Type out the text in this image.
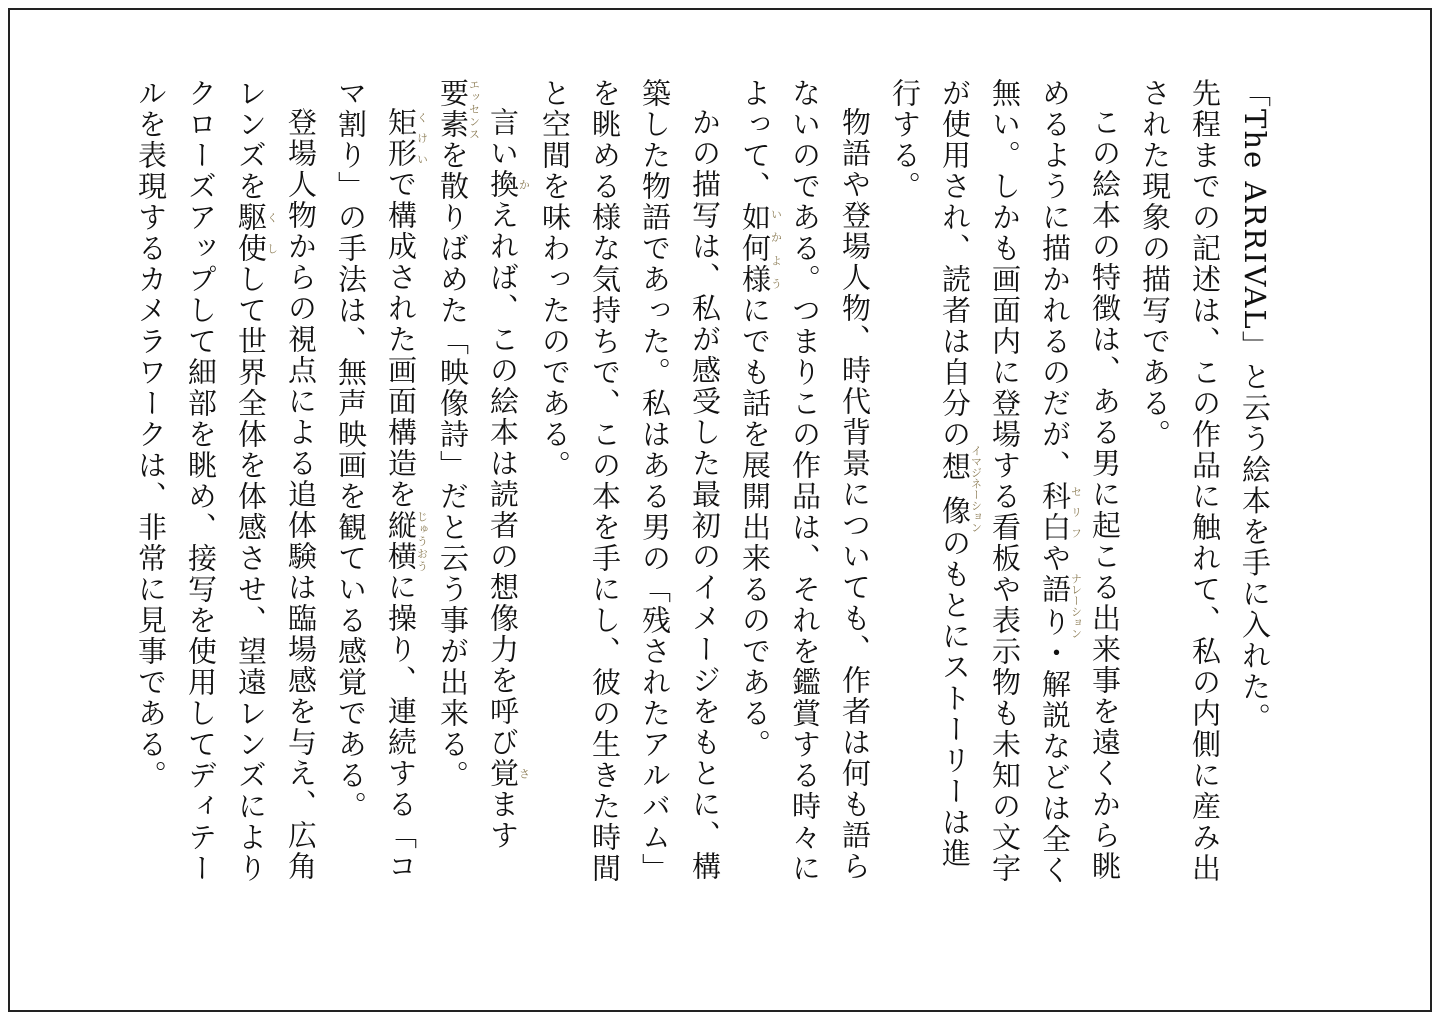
「The ARRIVAL」と云う絵本を手に入れた。

先程までの記述は、この作品に触れて、私の内側に産み出された現象の描写である。

この絵本の特徴は、ある男に起こる出来事を遠くから眺めるように描かれるのだが、科白セリフや語りナレーション・解説などは全く無い。しかも画面内に登場する看板や表示物も未知の文字が使用され、読者は自分の想像イマジネーションのもとにストーリーは進行する。

物語や登場人物、時代背景についても、作者は何も語らないのである。つまりこの作品は、それを鑑賞する時々によって、如何様いかようにでも話を展開出来るのである。

かの描写は、私が感受した最初のイメージをもとに、構築した物語であった。私はある男の「残されたアルバム」を眺める様な気持ちで、この本を手にし、彼の生きた時間と空間を味わったのである。

言い換かえれば、この絵本は読者の想像力を呼び覚さます要素エッセンスを散りばめた「映像詩」だと云う事が出来る。

矩形くけいで構成された画面構造を縦横じゅうおうに操り、連続する「コマ割り」の手法は、無声映画を観ている感覚である。

登場人物からの視点による追体験は臨場感を与え、広角レンズを駆く使しして世界全体を体感させ、望遠レンズによりクローズアップして細部を眺め、接写を使用してディテールを表現するカメラワークは、非常に見事である。
